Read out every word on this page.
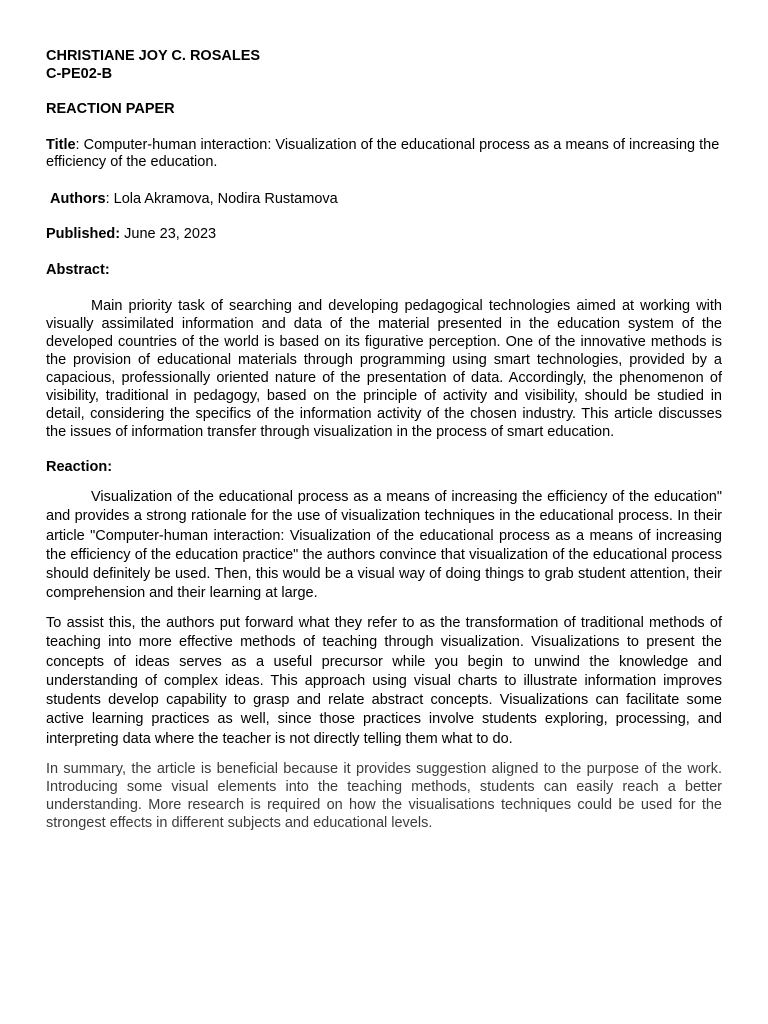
CHRISTIANE JOY C. ROSALES
C-PE02-B
REACTION PAPER
Title: Computer-human interaction: Visualization of the educational process as a means of increasing the efficiency of the education.
Authors: Lola Akramova, Nodira Rustamova
Published: June 23, 2023
Abstract:

Main priority task of searching and developing pedagogical technologies aimed at working with visually assimilated information and data of the material presented in the education system of the developed countries of the world is based on its figurative perception. One of the innovative methods is the provision of educational materials through programming using smart technologies, provided by a capacious, professionally oriented nature of the presentation of data. Accordingly, the phenomenon of visibility, traditional in pedagogy, based on the principle of activity and visibility, should be studied in detail, considering the specifics of the information activity of the chosen industry. This article discusses the issues of information transfer through visualization in the process of smart education.

Reaction:

Visualization of the educational process as a means of increasing the efficiency of the education" and provides a strong rationale for the use of visualization techniques in the educational process. In their article "Computer-human interaction: Visualization of the educational process as a means of increasing the efficiency of the education practice" the authors convince that visualization of the educational process should definitely be used. Then, this would be a visual way of doing things to grab student attention, their comprehension and their learning at large.

To assist this, the authors put forward what they refer to as the transformation of traditional methods of teaching into more effective methods of teaching through visualization. Visualizations to present the concepts of ideas serves as a useful precursor while you begin to unwind the knowledge and understanding of complex ideas. This approach using visual charts to illustrate information improves students develop capability to grasp and relate abstract concepts. Visualizations can facilitate some active learning practices as well, since those practices involve students exploring, processing, and interpreting data where the teacher is not directly telling them what to do.

In summary, the article is beneficial because it provides suggestion aligned to the purpose of the work. Introducing some visual elements into the teaching methods, students can easily reach a better understanding. More research is required on how the visualisations techniques could be used for the strongest effects in different subjects and educational levels.
